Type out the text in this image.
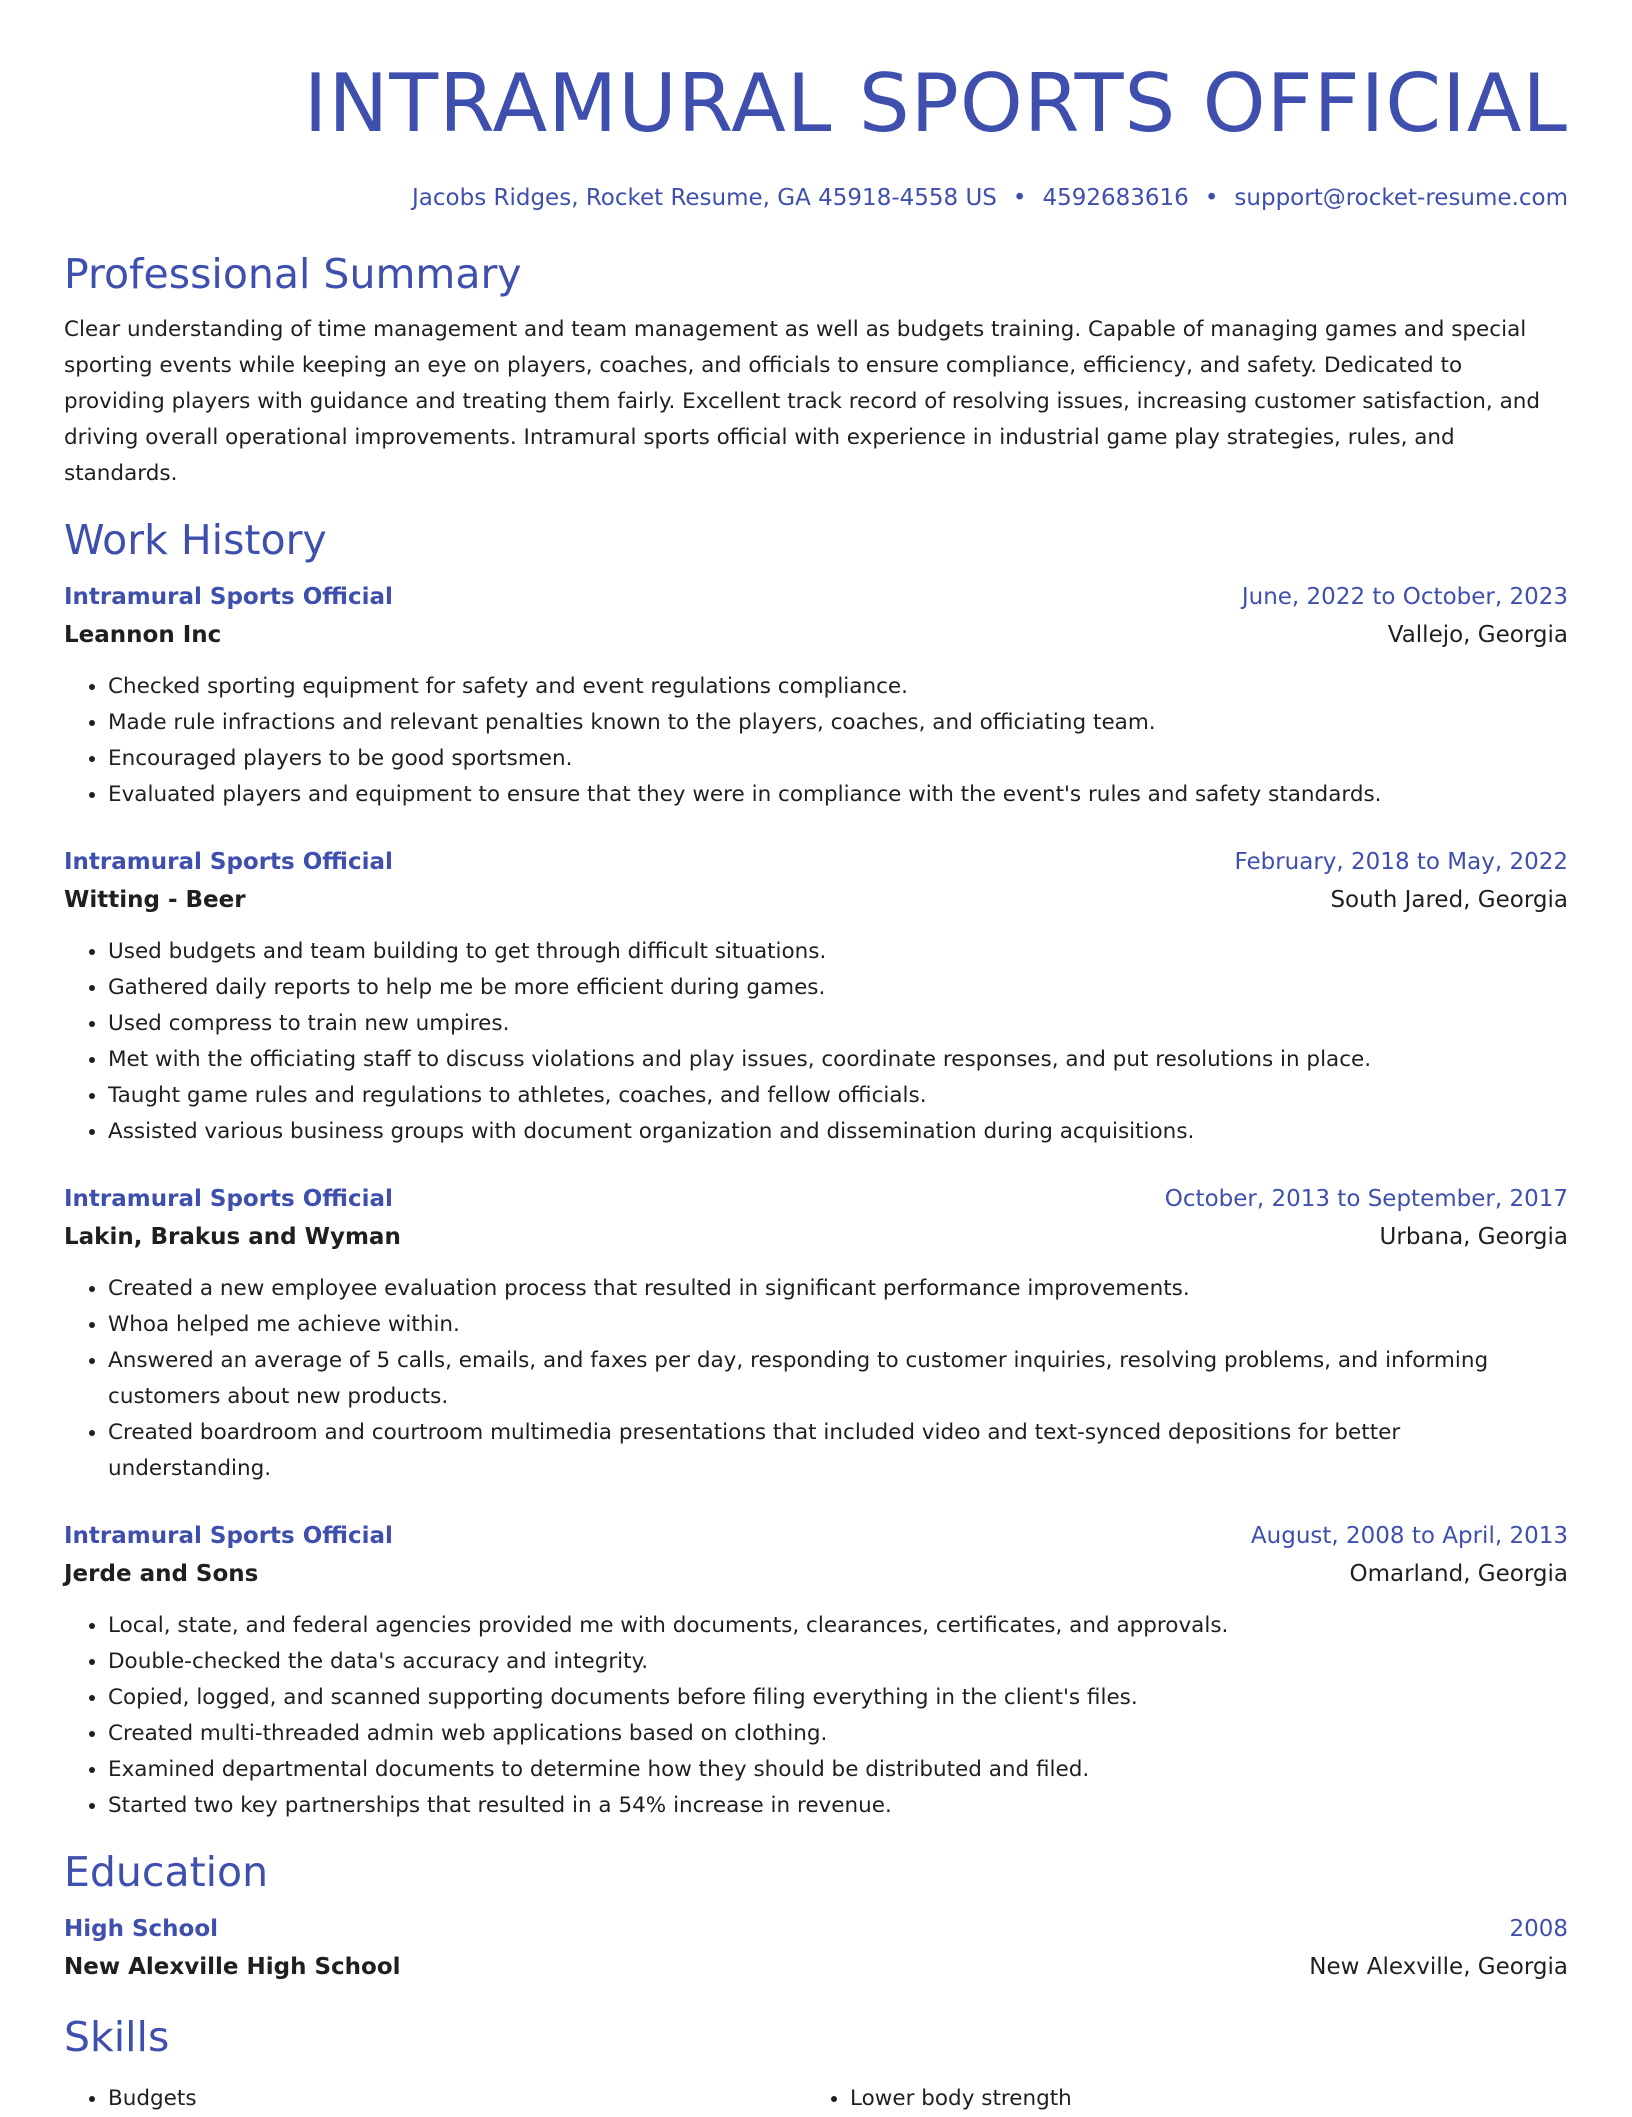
INTRAMURAL SPORTS OFFICIAL
Jacobs Ridges, Rocket Resume, GA 45918-4558 US • 4592683616 • support@rocket-resume.com
Professional Summary

Clear understanding of time management and team management as well as budgets training. Capable of managing games and special sporting events while keeping an eye on players, coaches, and officials to ensure compliance, efficiency, and safety. Dedicated to providing players with guidance and treating them fairly. Excellent track record of resolving issues, increasing customer satisfaction, and driving overall operational improvements. Intramural sports official with experience in industrial game play strategies, rules, and standards.

Work History
Intramural Sports Official	June, 2022 to October, 2023
Leannon Inc	Vallejo, Georgia
• Checked sporting equipment for safety and event regulations compliance.
• Made rule infractions and relevant penalties known to the players, coaches, and officiating team.
• Encouraged players to be good sportsmen.
• Evaluated players and equipment to ensure that they were in compliance with the event's rules and safety standards.
Intramural Sports Official	February, 2018 to May, 2022
Witting - Beer	South Jared, Georgia
• Used budgets and team building to get through difficult situations.
• Gathered daily reports to help me be more efficient during games.
• Used compress to train new umpires.
• Met with the officiating staff to discuss violations and play issues, coordinate responses, and put resolutions in place.
• Taught game rules and regulations to athletes, coaches, and fellow officials.
• Assisted various business groups with document organization and dissemination during acquisitions.
Intramural Sports Official	October, 2013 to September, 2017
Lakin, Brakus and Wyman	Urbana, Georgia
• Created a new employee evaluation process that resulted in significant performance improvements.
• Whoa helped me achieve within.
• Answered an average of 5 calls, emails, and faxes per day, responding to customer inquiries, resolving problems, and informing customers about new products.
• Created boardroom and courtroom multimedia presentations that included video and text-synced depositions for better understanding.
Intramural Sports Official	August, 2008 to April, 2013
Jerde and Sons	Omarland, Georgia
• Local, state, and federal agencies provided me with documents, clearances, certificates, and approvals.
• Double-checked the data's accuracy and integrity.
• Copied, logged, and scanned supporting documents before filing everything in the client's files.
• Created multi-threaded admin web applications based on clothing.
• Examined departmental documents to determine how they should be distributed and filed.
• Started two key partnerships that resulted in a 54% increase in revenue.
Education
High School	2008
New Alexville High School	New Alexville, Georgia
Skills
• Budgets
•	Lower body strength
